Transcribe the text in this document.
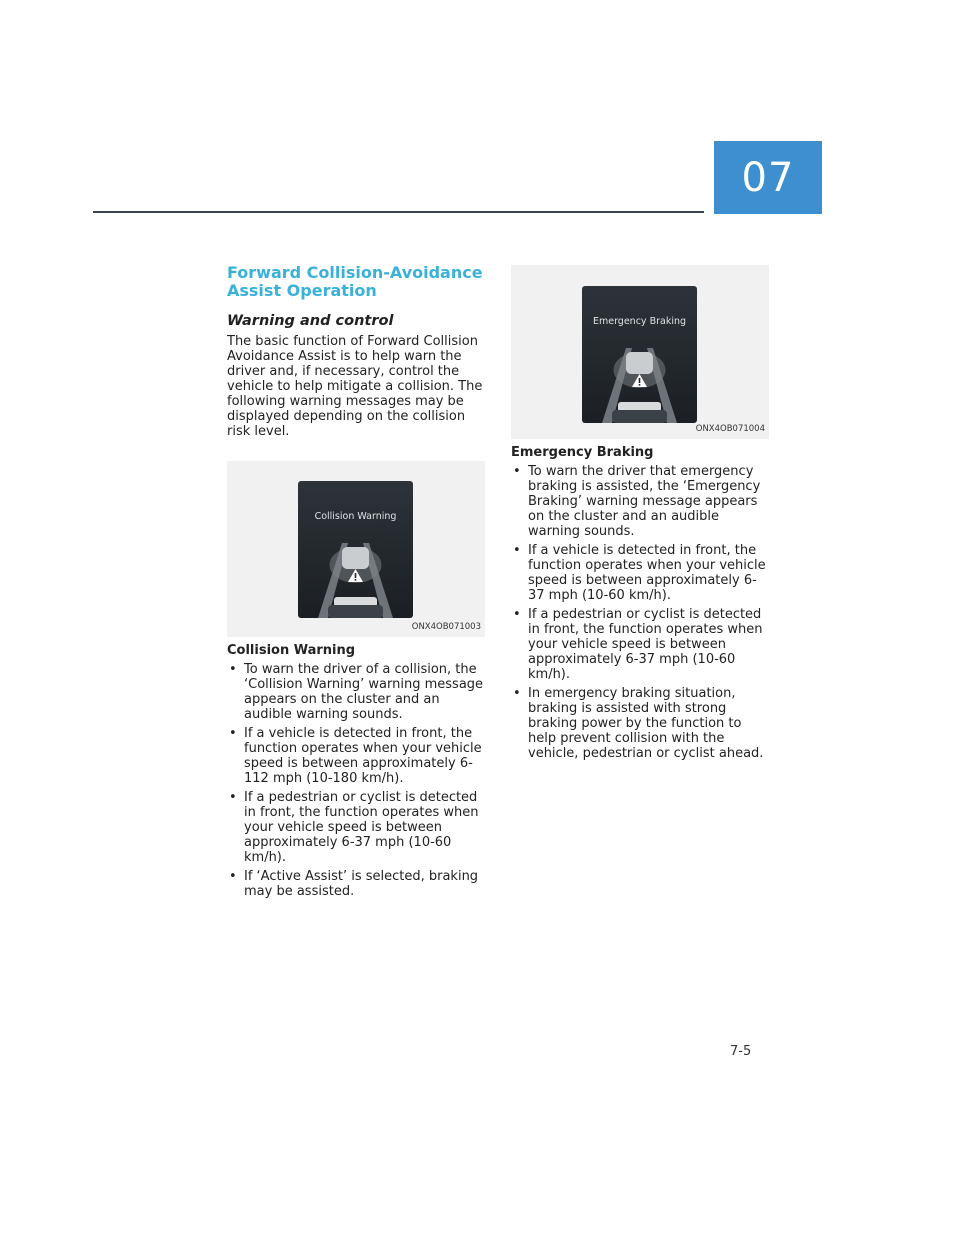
07
Forward Collision-Avoidance Assist Operation
Warning and control

The basic function of Forward Collision Avoidance Assist is to help warn the driver and, if necessary, control the vehicle to help mitigate a collision. The following warning messages may be displayed depending on the collision risk level.

Collision Warning

ONX4OB071003

Collision Warning
• To warn the driver of a collision, the ‘Collision Warning’ warning message appears on the cluster and an audible warning sounds.
• If a vehicle is detected in front, the function operates when your vehicle speed is between approximately 6-112 mph (10-180 km/h).
• If a pedestrian or cyclist is detected in front, the function operates when your vehicle speed is between approximately 6-37 mph (10-60 km/h).
• If ‘Active Assist’ is selected, braking may be assisted.
Emergency Braking

ONX4OB071004

Emergency Braking
• To warn the driver that emergency braking is assisted, the ‘Emergency Braking’ warning message appears on the cluster and an audible warning sounds.
• If a vehicle is detected in front, the function operates when your vehicle speed is between approximately 6-37 mph (10-60 km/h).
• If a pedestrian or cyclist is detected in front, the function operates when your vehicle speed is between approximately 6-37 mph (10-60 km/h).
• In emergency braking situation, braking is assisted with strong braking power by the function to help prevent collision with the vehicle, pedestrian or cyclist ahead.
7-5
